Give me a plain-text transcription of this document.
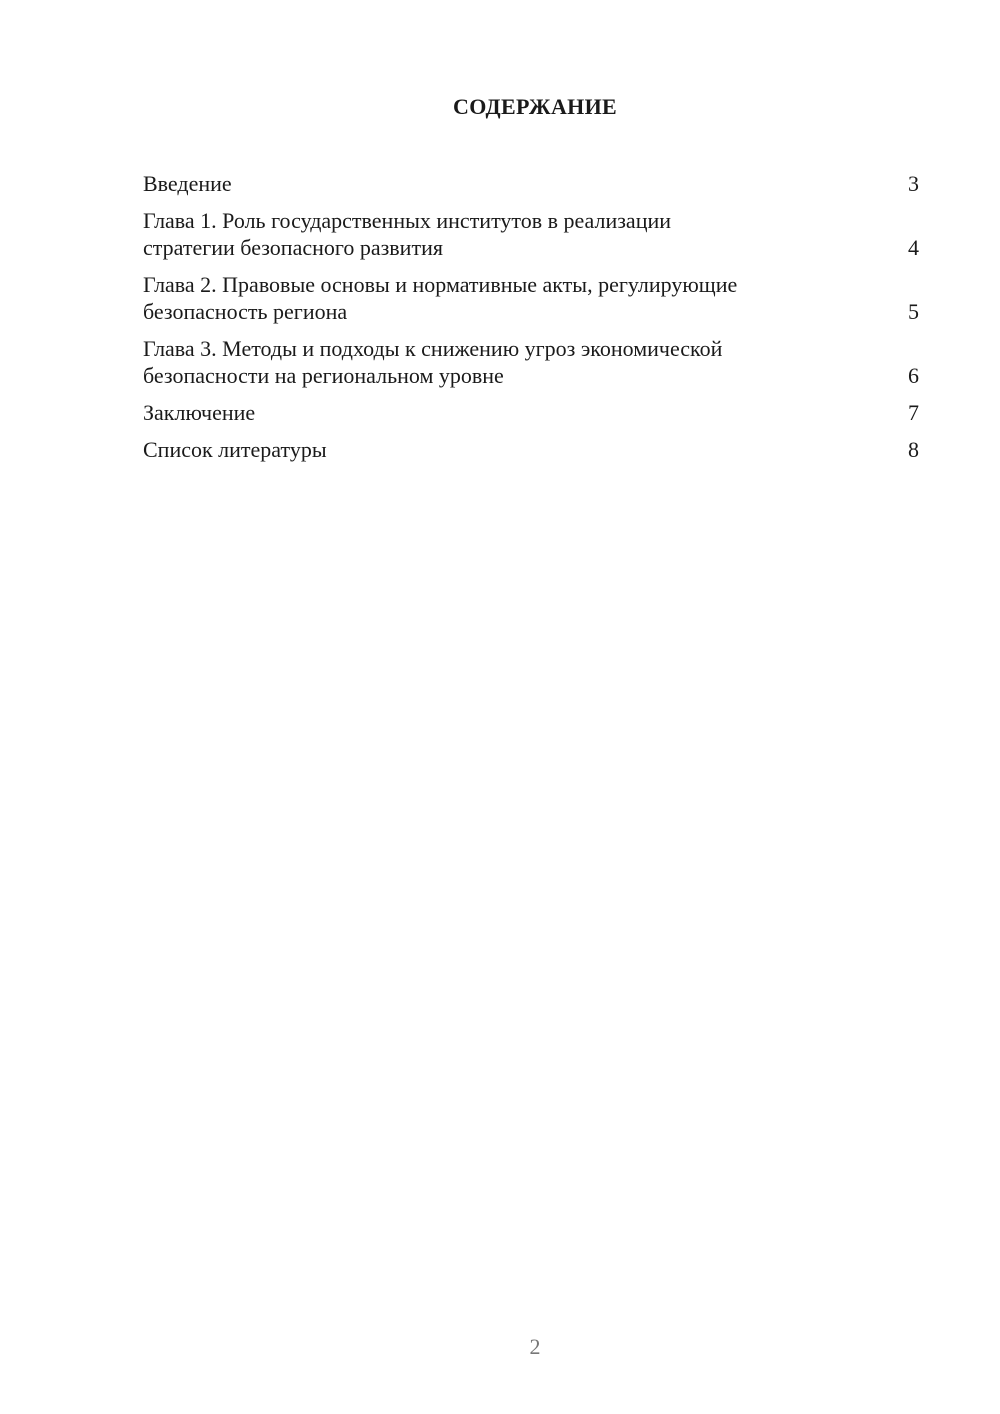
СОДЕРЖАНИЕ
Введение	3
Глава 1. Роль государственных институтов в реализации
стратегии безопасного развития	4
Глава 2. Правовые основы и нормативные акты, регулирующие
безопасность региона	5
Глава 3. Методы и подходы к снижению угроз экономической
безопасности на региональном уровне	6
Заключение	7
Список литературы	8
2
